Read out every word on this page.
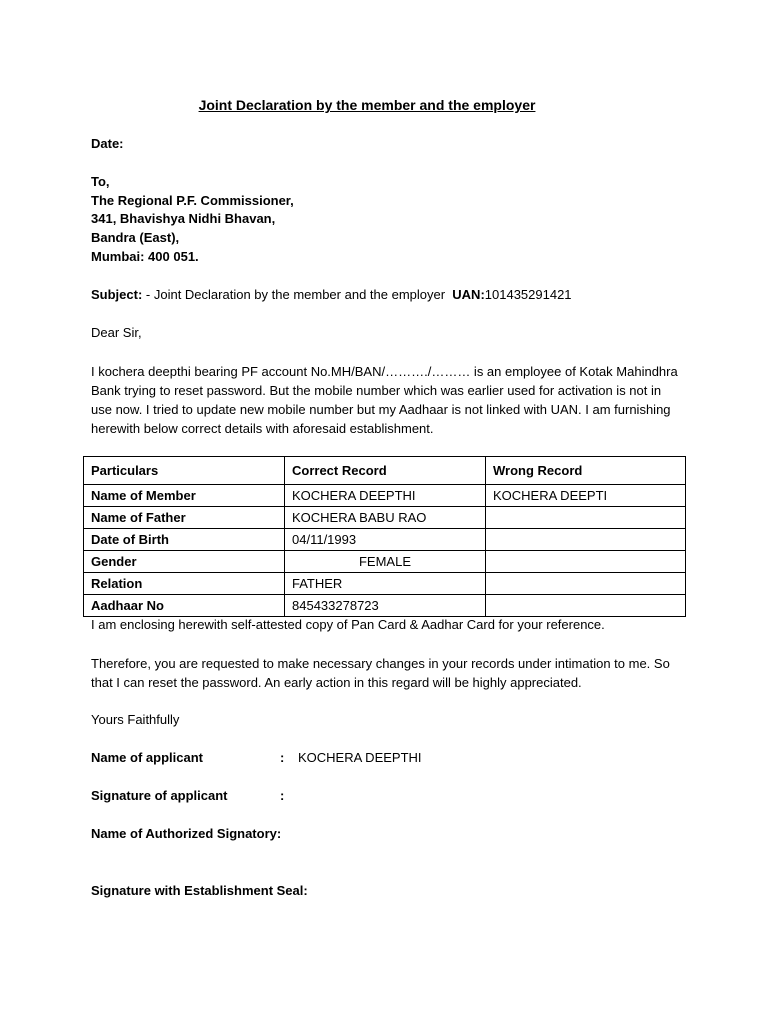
Joint Declaration by the member and the employer
Date:
To,
The Regional P.F. Commissioner,
341, Bhavishya Nidhi Bhavan,
Bandra (East),
Mumbai: 400 051.
Subject: - Joint Declaration by the member and the employer  UAN:101435291421
Dear Sir,
I kochera deepthi bearing PF account No.MH/BAN/………./……… is an employee of Kotak Mahindhra Bank trying to reset password. But the mobile number which was earlier used for activation is not in use now. I tried to update new mobile number but my Aadhaar is not linked with UAN. I am furnishing herewith below correct details with aforesaid establishment.
Particulars	Correct Record	Wrong Record
Name of Member	KOCHERA DEEPTHI	KOCHERA DEEPTI
Name of Father	KOCHERA BABU RAO	
Date of Birth	04/11/1993	
Gender	FEMALE	
Relation	FATHER	
Aadhaar No	845433278723	
I am enclosing herewith self-attested copy of Pan Card & Aadhar Card for your reference.
Therefore, you are requested to make necessary changes in your records under intimation to me. So that I can reset the password. An early action in this regard will be highly appreciated.
Yours Faithfully
Name of applicant	: KOCHERA DEEPTHI
Signature of applicant	:
Name of Authorized Signatory:
Signature with Establishment Seal:
